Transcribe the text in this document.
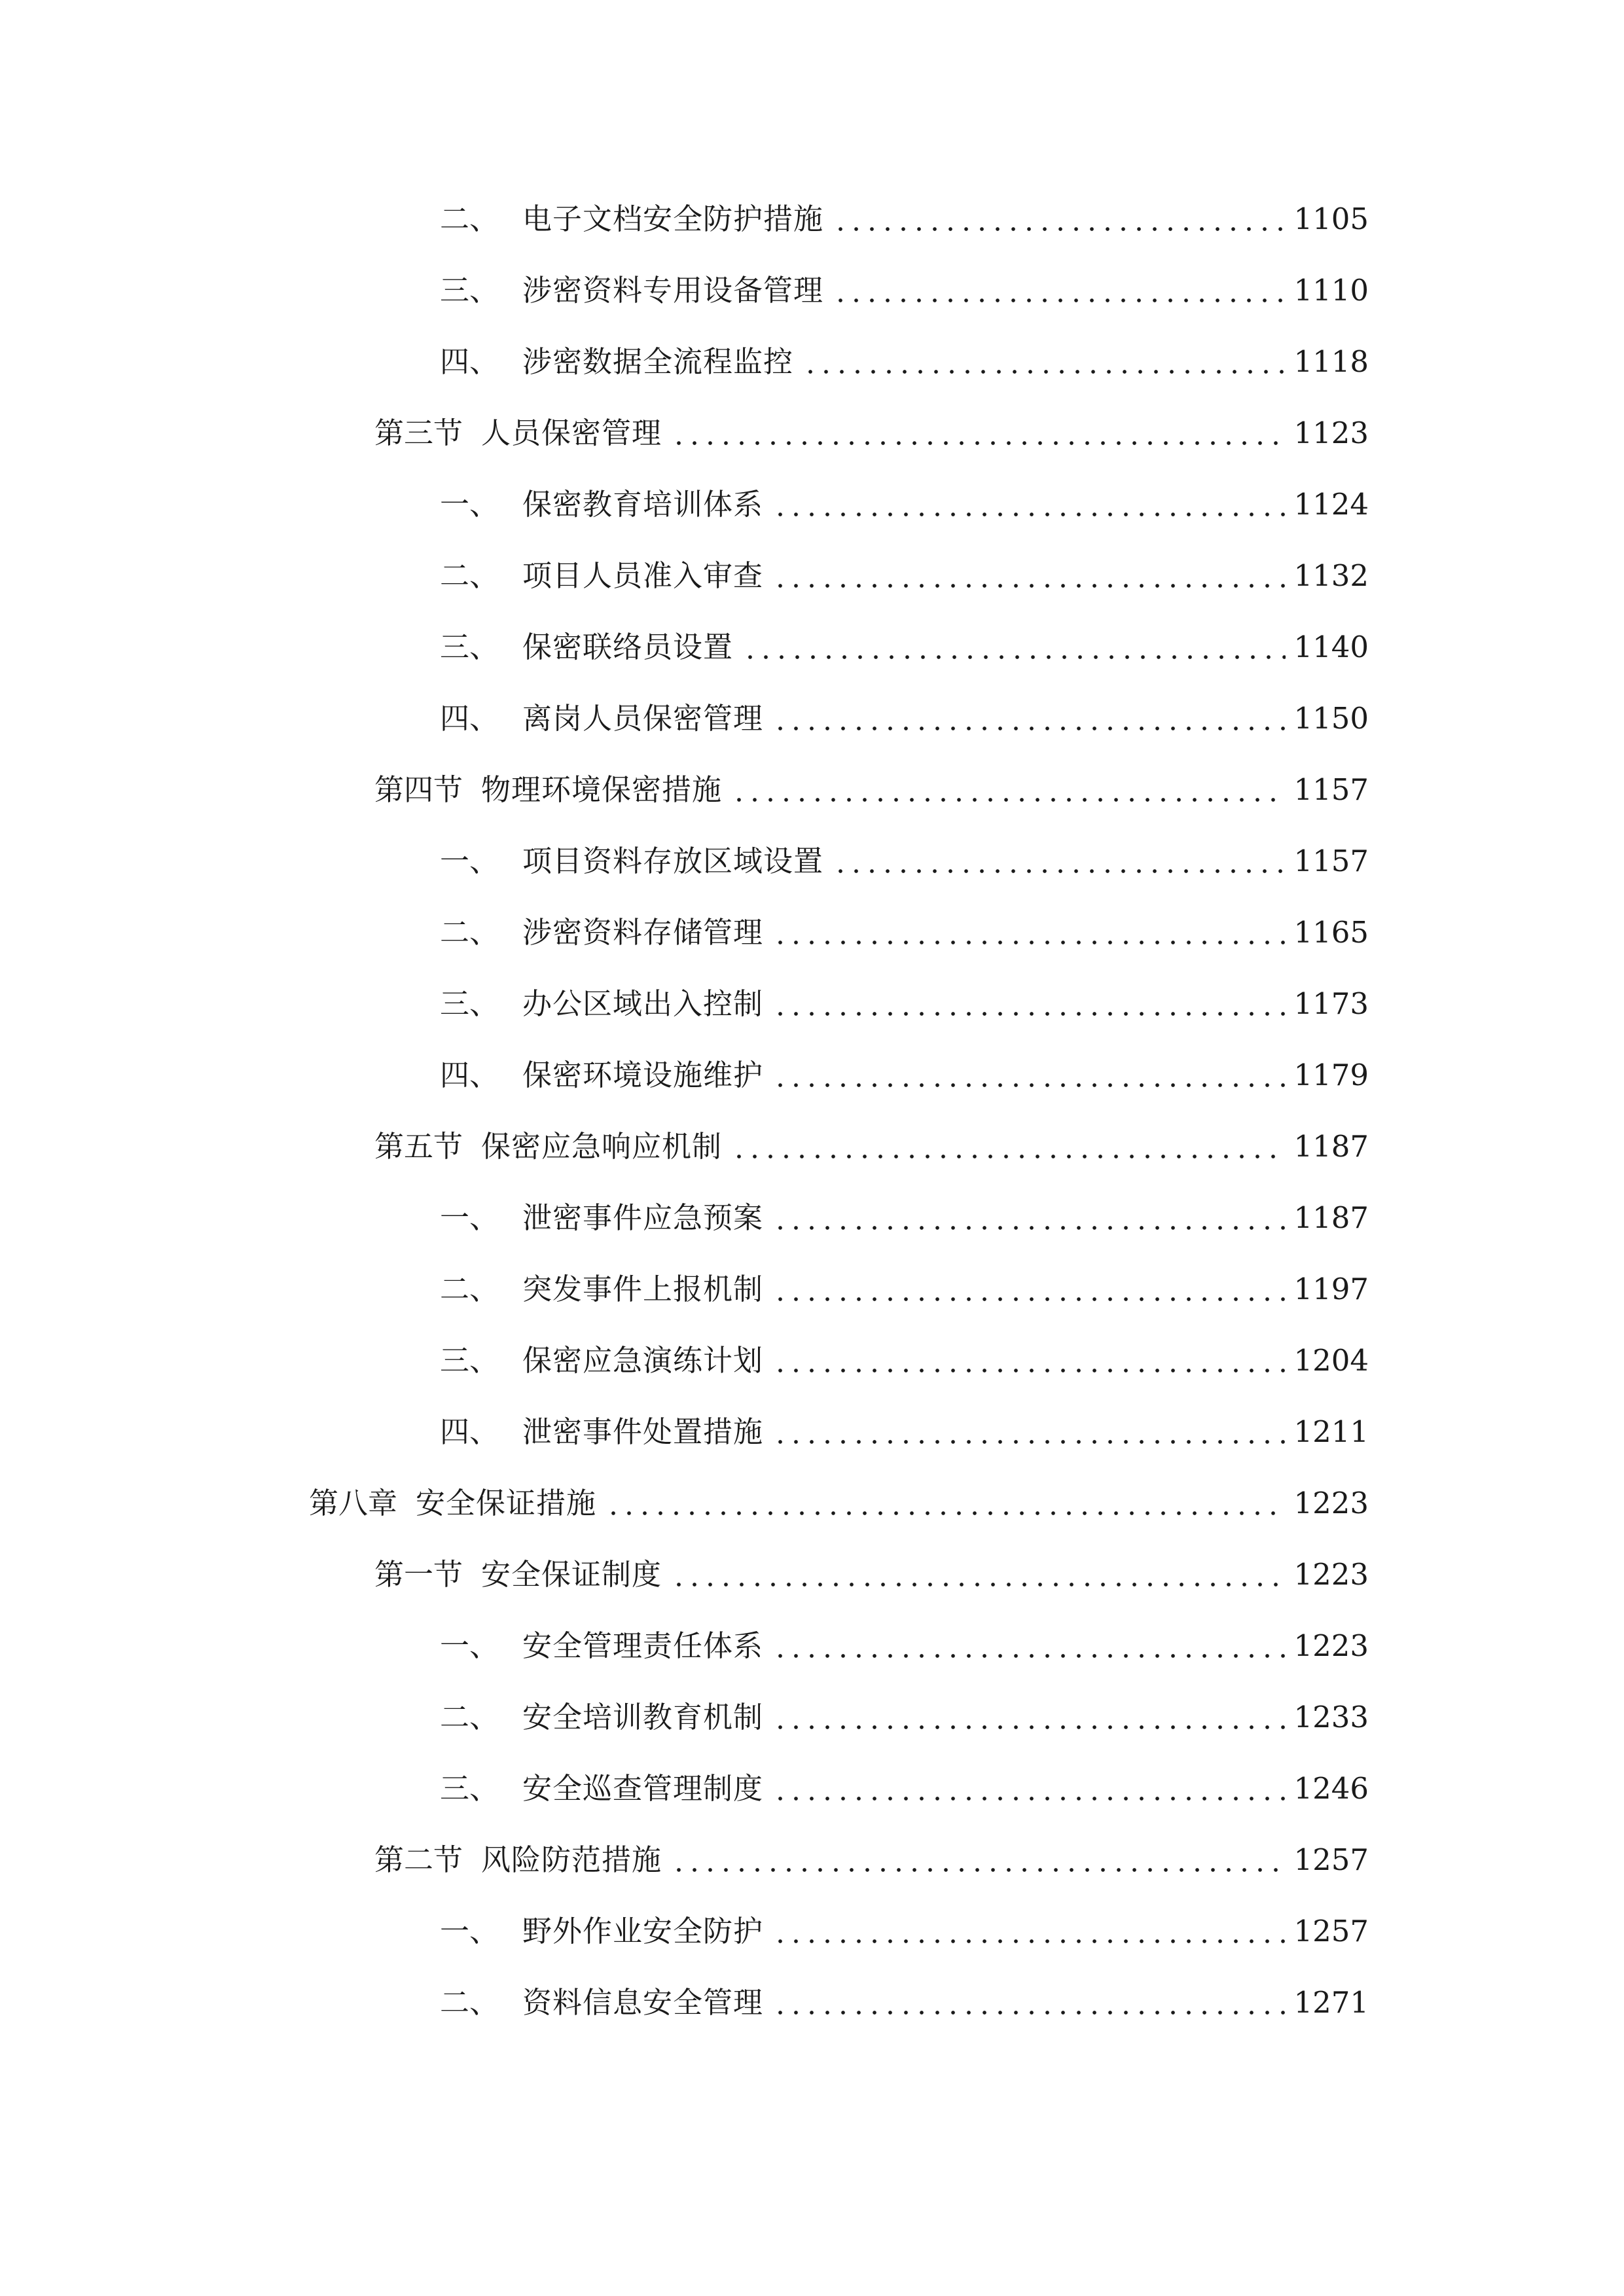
二、 电子文档安全防护措施	1105
三、 涉密资料专用设备管理	1110
四、 涉密数据全流程监控	1118
第三节 人员保密管理	1123
一、 保密教育培训体系	1124
二、 项目人员准入审查	1132
三、 保密联络员设置	1140
四、 离岗人员保密管理	1150
第四节 物理环境保密措施	1157
一、 项目资料存放区域设置	1157
二、 涉密资料存储管理	1165
三、 办公区域出入控制	1173
四、 保密环境设施维护	1179
第五节 保密应急响应机制	1187
一、 泄密事件应急预案	1187
二、 突发事件上报机制	1197
三、 保密应急演练计划	1204
四、 泄密事件处置措施	1211
第八章 安全保证措施	1223
第一节 安全保证制度	1223
一、 安全管理责任体系	1223
二、 安全培训教育机制	1233
三、 安全巡查管理制度	1246
第二节 风险防范措施	1257
一、 野外作业安全防护	1257
二、 资料信息安全管理	1271
